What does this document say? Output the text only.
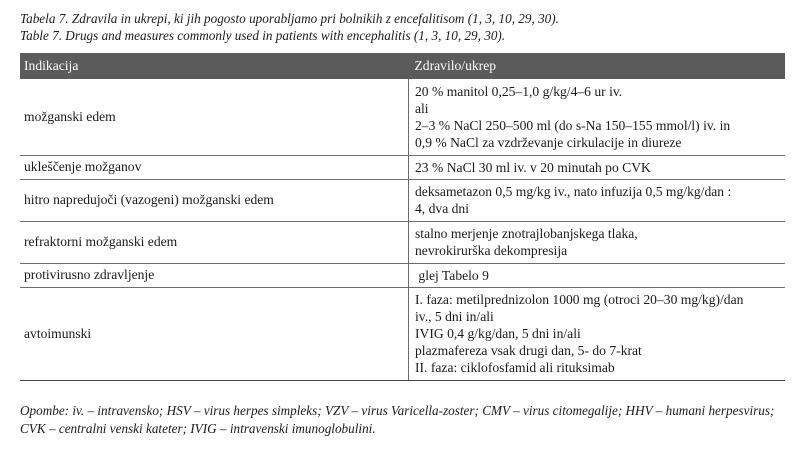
Tabela 7. Zdravila in ukrepi, ki jih pogosto uporabljamo pri bolnikih z encefalitisom (1, 3, 10, 29, 30).
Table 7. Drugs and measures commonly used in patients with encephalitis (1, 3, 10, 29, 30).
Indikacija	Zdravilo/ukrep
možganski edem	20 % manitol 0,25–1,0 g/kg/4–6 ur iv.
ali
2–3 % NaCl 250–500 ml (do s-Na 150–155 mmol/l) iv. in
0,9 % NaCl za vzdrževanje cirkulacije in diureze

ukleščenje možganov	23 % NaCl 30 ml iv. v 20 minutah po CVK

hitro napredujoči (vazogeni) možganski edem	deksametazon 0,5 mg/kg iv., nato infuzija 0,5 mg/kg/dan :
4, dva dni

refraktorni možganski edem	stalno merjenje znotrajlobanjskega tlaka,
nevrokirurška dekompresija

protivirusno zdravljenje	glej Tabelo 9

avtoimunski	I. faza: metilprednizolon 1000 mg (otroci 20–30 mg/kg)/dan
iv., 5 dni in/ali
IVIG 0,4 g/kg/dan, 5 dni in/ali
plazmafereza vsak drugi dan, 5- do 7-krat
II. faza: ciklofosfamid ali rituksimab
Opombe: iv. – intravensko; HSV – virus herpes simpleks; VZV – virus Varicella-zoster; CMV – virus citomegalije; HHV – humani herpesvirus; CVK – centralni venski kateter; IVIG – intravenski imunoglobulini.
